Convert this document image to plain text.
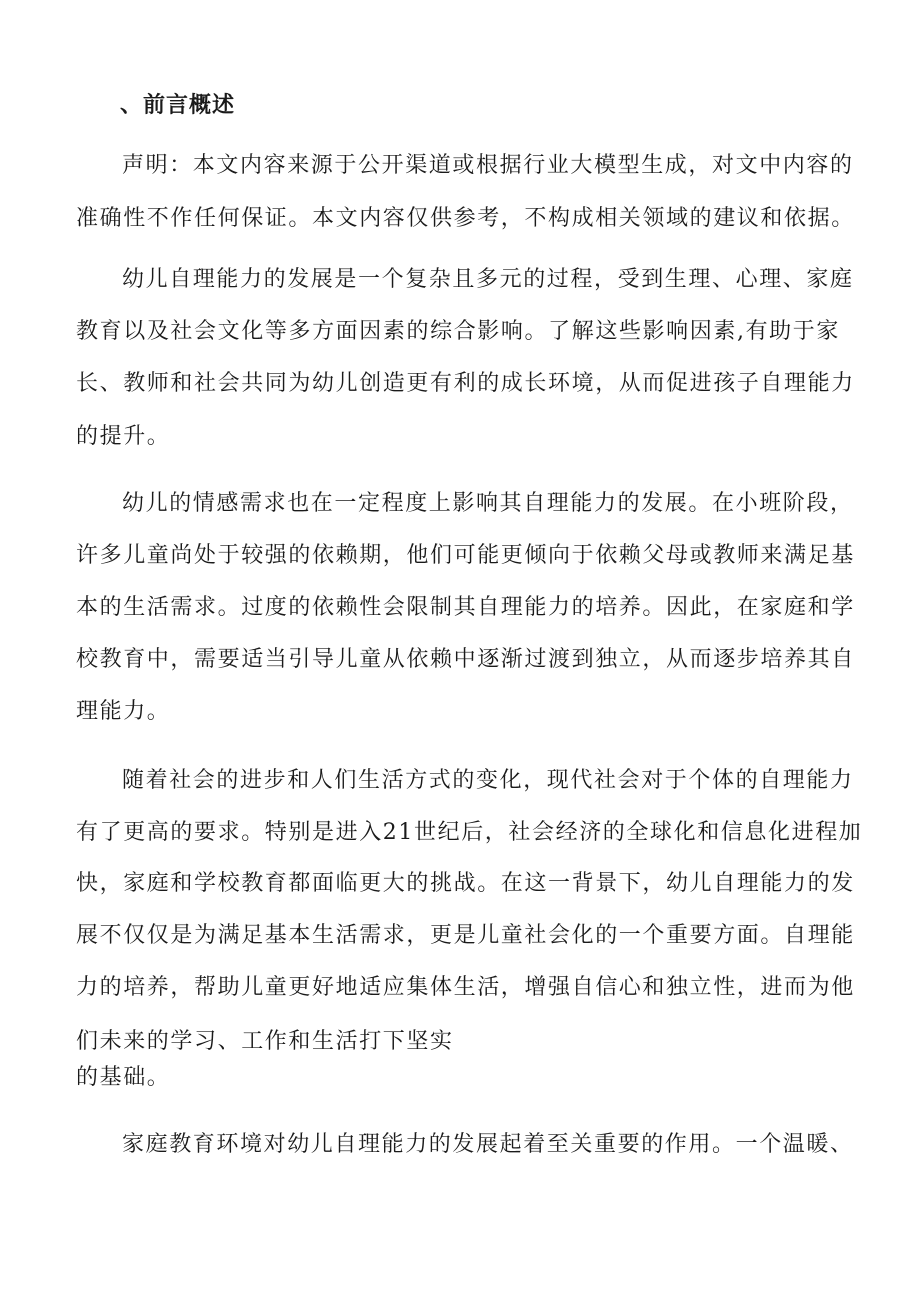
、前言概述
声明：本文内容来源于公开渠道或根据行业大模型生成，对文中内容的
准确性不作任何保证。本文内容仅供参考，不构成相关领域的建议和依据。
幼儿自理能力的发展是一个复杂且多元的过程，受到生理、心理、家庭
教育以及社会文化等多方面因素的综合影响。了解这些影响因素,有助于家
长、教师和社会共同为幼儿创造更有利的成长环境，从而促进孩子自理能力
的提升。
幼儿的情感需求也在一定程度上影响其自理能力的发展。在小班阶段，
许多儿童尚处于较强的依赖期，他们可能更倾向于依赖父母或教师来满足基
本的生活需求。过度的依赖性会限制其自理能力的培养。因此，在家庭和学
校教育中，需要适当引导儿童从依赖中逐渐过渡到独立，从而逐步培养其自
理能力。
随着社会的进步和人们生活方式的变化，现代社会对于个体的自理能力
有了更高的要求。特别是进入21世纪后，社会经济的全球化和信息化进程加
快，家庭和学校教育都面临更大的挑战。在这一背景下，幼儿自理能力的发
展不仅仅是为满足基本生活需求，更是儿童社会化的一个重要方面。自理能
力的培养，帮助儿童更好地适应集体生活，增强自信心和独立性，进而为他
们未来的学习、工作和生活打下坚实
的基础。
家庭教育环境对幼儿自理能力的发展起着至关重要的作用。一个温暖、
